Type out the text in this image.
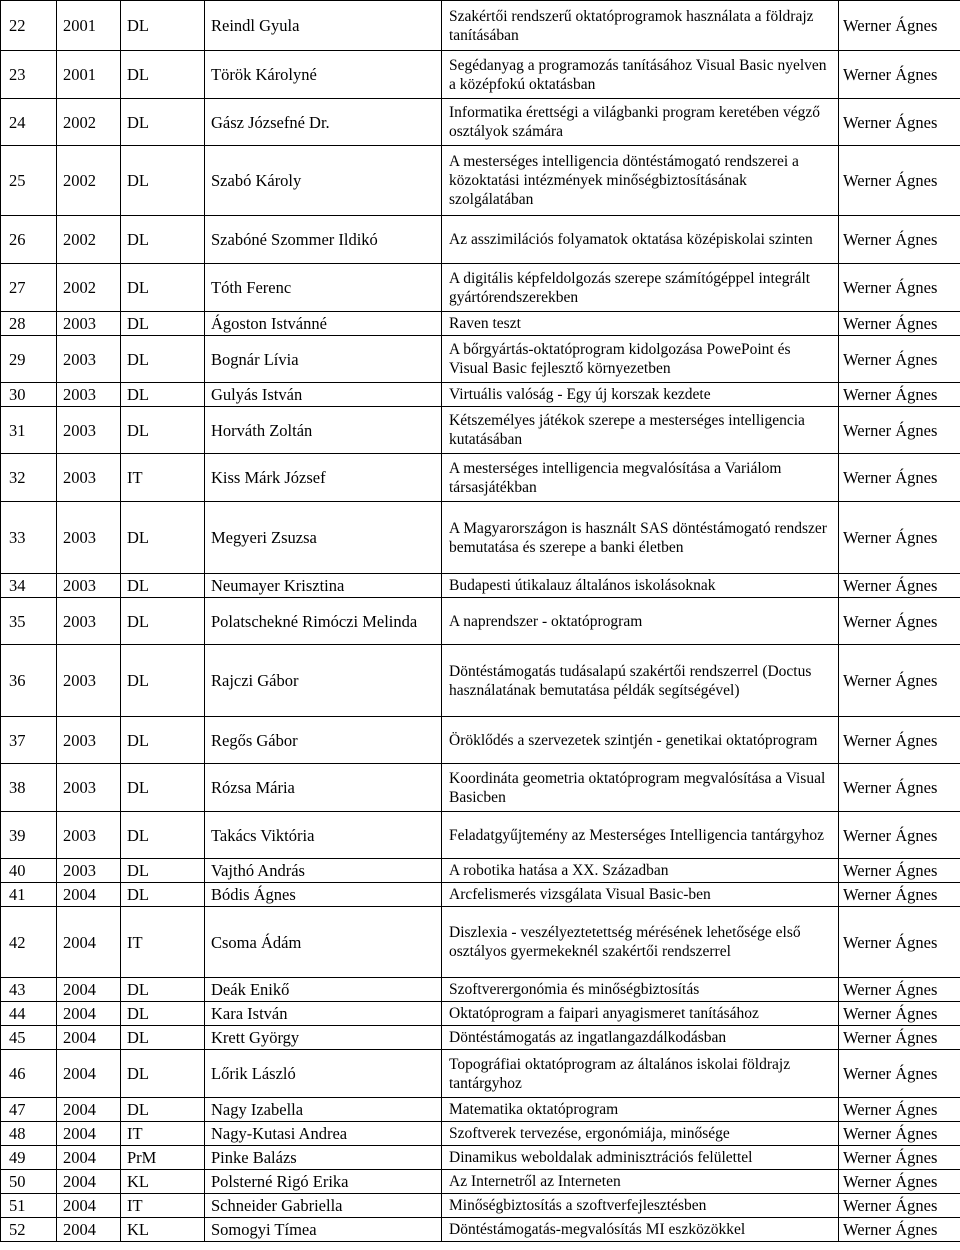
22	2001	DL	Reindl Gyula	Szakértői rendszerű oktatóprogramok használata a földrajz tanításában	Werner Ágnes
23	2001	DL	Török Károlyné	Segédanyag a programozás tanításához Visual Basic nyelven a középfokú oktatásban	Werner Ágnes
24	2002	DL	Gász Józsefné Dr.	Informatika érettségi a világbanki program keretében végző osztályok számára	Werner Ágnes
25	2002	DL	Szabó Károly	A mesterséges intelligencia döntéstámogató rendszerei a közoktatási intézmények minőségbiztosításának szolgálatában	Werner Ágnes
26	2002	DL	Szabóné Szommer Ildikó	Az asszimilációs folyamatok oktatása középiskolai szinten	Werner Ágnes
27	2002	DL	Tóth Ferenc	A digitális képfeldolgozás szerepe számítógéppel integrált gyártórendszerekben	Werner Ágnes
28	2003	DL	Ágoston Istvánné	Raven teszt	Werner Ágnes
29	2003	DL	Bognár Lívia	A bőrgyártás-oktatóprogram kidolgozása PowePoint és Visual Basic fejlesztő környezetben	Werner Ágnes
30	2003	DL	Gulyás István	Virtuális valóság - Egy új korszak kezdete	Werner Ágnes
31	2003	DL	Horváth Zoltán	Kétszemélyes játékok szerepe a mesterséges intelligencia kutatásában	Werner Ágnes
32	2003	IT	Kiss Márk József	A mesterséges intelligencia megvalósítása a Variálom társasjátékban	Werner Ágnes
33	2003	DL	Megyeri Zsuzsa	A Magyarországon is használt SAS döntéstámogató rendszer bemutatása és szerepe a banki életben	Werner Ágnes
34	2003	DL	Neumayer Krisztina	Budapesti útikalauz általános iskolásoknak	Werner Ágnes
35	2003	DL	Polatschekné Rimóczi Melinda	A naprendszer - oktatóprogram	Werner Ágnes
36	2003	DL	Rajczi Gábor	Döntéstámogatás tudásalapú szakértői rendszerrel (Doctus használatának bemutatása példák segítségével)	Werner Ágnes
37	2003	DL	Regős Gábor	Öröklődés a szervezetek szintjén - genetikai oktatóprogram	Werner Ágnes
38	2003	DL	Rózsa Mária	Koordináta geometria oktatóprogram megvalósítása a Visual Basicben	Werner Ágnes
39	2003	DL	Takács Viktória	Feladatgyűjtemény az Mesterséges Intelligencia tantárgyhoz	Werner Ágnes
40	2003	DL	Vajthó András	A robotika hatása a XX. Században	Werner Ágnes
41	2004	DL	Bódis Ágnes	Arcfelismerés vizsgálata Visual Basic-ben	Werner Ágnes
42	2004	IT	Csoma Ádám	Diszlexia - veszélyeztetettség mérésének lehetősége első osztályos gyermekeknél szakértői rendszerrel	Werner Ágnes
43	2004	DL	Deák Enikő	Szoftverergonómia és minőségbiztosítás	Werner Ágnes
44	2004	DL	Kara István	Oktatóprogram a faipari anyagismeret tanításához	Werner Ágnes
45	2004	DL	Krett György	Döntéstámogatás az ingatlangazdálkodásban	Werner Ágnes
46	2004	DL	Lőrik László	Topográfiai oktatóprogram az általános iskolai földrajz tantárgyhoz	Werner Ágnes
47	2004	DL	Nagy Izabella	Matematika oktatóprogram	Werner Ágnes
48	2004	IT	Nagy-Kutasi Andrea	Szoftverek tervezése, ergonómiája, minősége	Werner Ágnes
49	2004	PrM	Pinke Balázs	Dinamikus weboldalak adminisztrációs felülettel	Werner Ágnes
50	2004	KL	Polsterné Rigó Erika	Az Internetről az Interneten	Werner Ágnes
51	2004	IT	Schneider Gabriella	Minőségbiztosítás a szoftverfejlesztésben	Werner Ágnes
52	2004	KL	Somogyi Tímea	Döntéstámogatás-megvalósítás MI eszközökkel	Werner Ágnes
